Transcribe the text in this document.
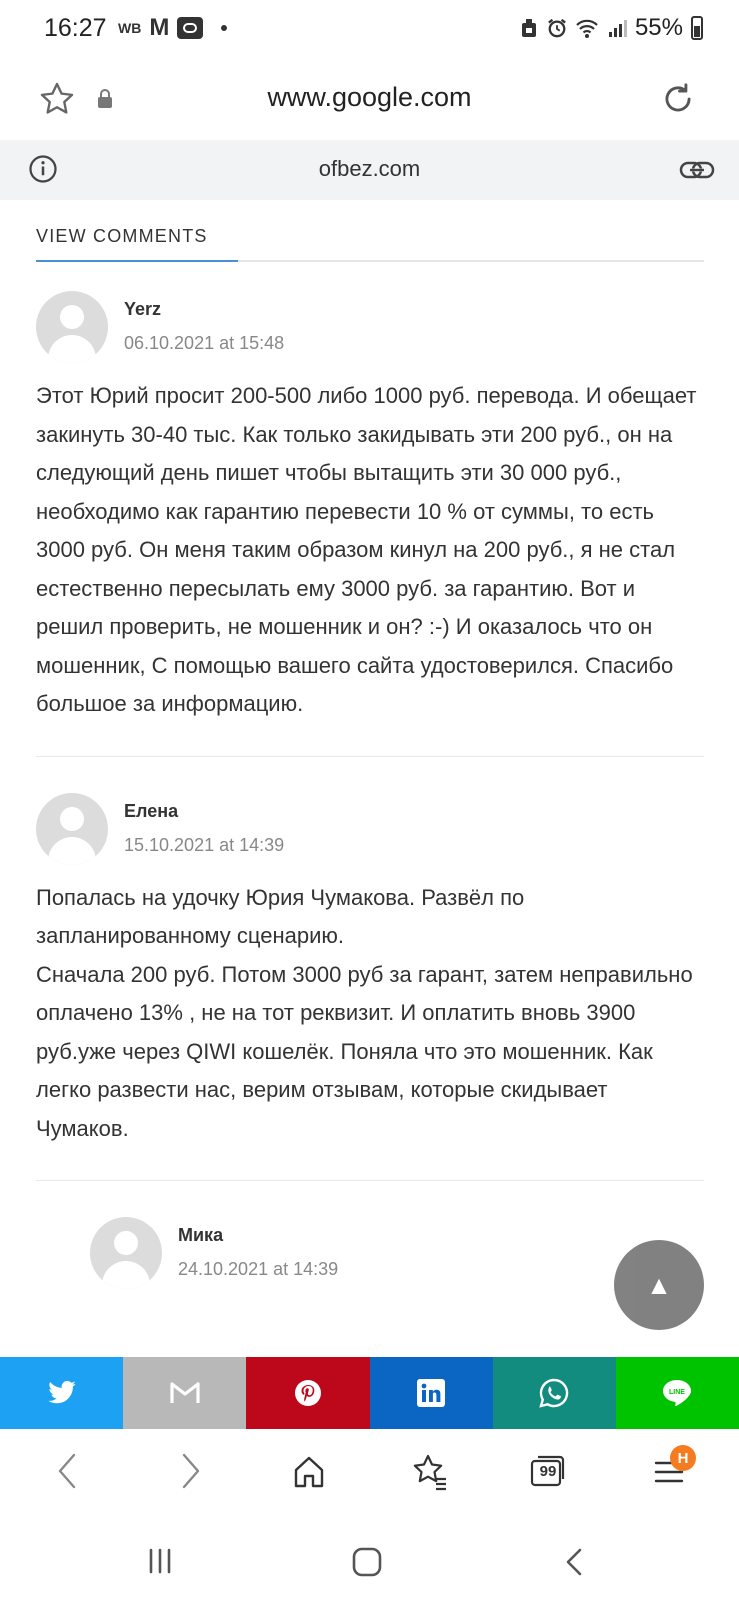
16:27 WB M	55%
www.google.com
ofbez.com
VIEW COMMENTS
Yerz
06.10.2021 at 15:48
Этот Юрий просит 200-500 либо 1000 руб. перевода. И обещает закинуть 30-40 тыс. Как только закидывать эти 200 руб., он на следующий день пишет чтобы вытащить эти 30 000 руб., необходимо как гарантию перевести 10 % от суммы, то есть 3000 руб. Он меня таким образом кинул на 200 руб., я не стал естественно пересылать ему 3000 руб. за гарантию. Вот и решил проверить, не мошенник и он? :-) И оказалось что он мошенник, С помощью вашего сайта удостоверился. Спасибо большое за информацию.
Елена
15.10.2021 at 14:39
Попалась на удочку Юрия Чумакова. Развёл по запланированному сценарию.
Сначала 200 руб. Потом 3000 руб за гарант, затем неправильно оплачено 13% , не на тот реквизит. И оплатить вновь 3900 руб.уже через QIWI кошелёк. Поняла что это мошенник. Как легко развести нас, верим отзывам, которые скидывает Чумаков.
Мика
24.10.2021 at 14:39
▲
LINE
99
H
